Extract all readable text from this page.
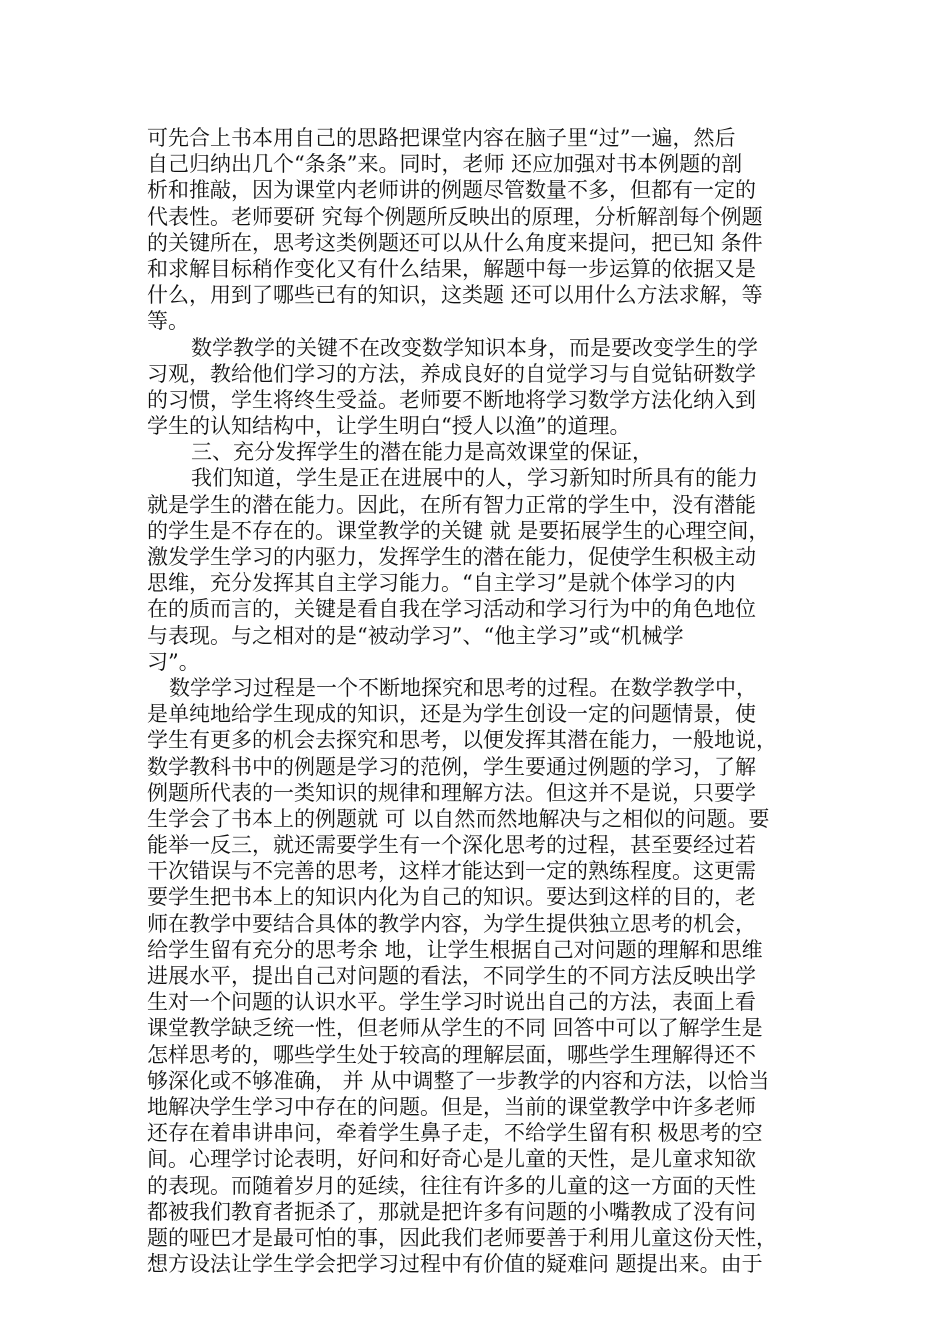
可先合上书本用自己的思路把课堂内容在脑子里“过”一遍，然后
自己归纳出几个“条条”来。同时，老师 还应加强对书本例题的剖
析和推敲，因为课堂内老师讲的例题尽管数量不多，但都有一定的
代表性。老师要研 究每个例题所反映出的原理，分析解剖每个例题
的关键所在，思考这类例题还可以从什么角度来提问，把已知 条件
和求解目标稍作变化又有什么结果，解题中每一步运算的依据又是
什么，用到了哪些已有的知识，这类题 还可以用什么方法求解，等
等。
数学教学的关键不在改变数学知识本身，而是要改变学生的学
习观，教给他们学习的方法，养成良好的自觉学习与自觉钻研数学
的习惯，学生将终生受益。老师要不断地将学习数学方法化纳入到
学生的认知结构中，让学生明白“授人以渔”的道理。
三、充分发挥学生的潜在能力是高效课堂的保证，
我们知道，学生是正在进展中的人，学习新知时所具有的能力
就是学生的潜在能力。因此，在所有智力正常的学生中，没有潜能
的学生是不存在的。课堂教学的关键 就 是要拓展学生的心理空间，
激发学生学习的内驱力，发挥学生的潜在能力，促使学生积极主动
思维，充分发挥其自主学习能力。“自主学习”是就个体学习的内
在的质而言的，关键是看自我在学习活动和学习行为中的角色地位
与表现。与之相对的是“被动学习”、“他主学习”或“机械学
习”。
数学学习过程是一个不断地探究和思考的过程。在数学教学中，
是单纯地给学生现成的知识，还是为学生创设一定的问题情景，使
学生有更多的机会去探究和思考，以便发挥其潜在能力，一般地说，
数学教科书中的例题是学习的范例，学生要通过例题的学习，了解
例题所代表的一类知识的规律和理解方法。但这并不是说，只要学
生学会了书本上的例题就 可 以自然而然地解决与之相似的问题。要
能举一反三，就还需要学生有一个深化思考的过程，甚至要经过若
干次错误与不完善的思考，这样才能达到一定的熟练程度。这更需
要学生把书本上的知识内化为自己的知识。要达到这样的目的，老
师在教学中要结合具体的教学内容，为学生提供独立思考的机会，
给学生留有充分的思考余 地，让学生根据自己对问题的理解和思维
进展水平，提出自己对问题的看法，不同学生的不同方法反映出学
生对一个问题的认识水平。学生学习时说出自己的方法，表面上看
课堂教学缺乏统一性，但老师从学生的不同 回答中可以了解学生是
怎样思考的，哪些学生处于较高的理解层面，哪些学生理解得还不
够深化或不够准确， 并 从中调整了一步教学的内容和方法，以恰当
地解决学生学习中存在的问题。但是，当前的课堂教学中许多老师
还存在着串讲串问，牵着学生鼻子走，不给学生留有积 极思考的空
间。心理学讨论表明，好问和好奇心是儿童的天性，是儿童求知欲
的表现。而随着岁月的延续，往往有许多的儿童的这一方面的天性
都被我们教育者扼杀了，那就是把许多有问题的小嘴教成了没有问
题的哑巴才是最可怕的事，因此我们老师要善于利用儿童这份天性，
想方设法让学生学会把学习过程中有价值的疑难问 题提出来。由于
